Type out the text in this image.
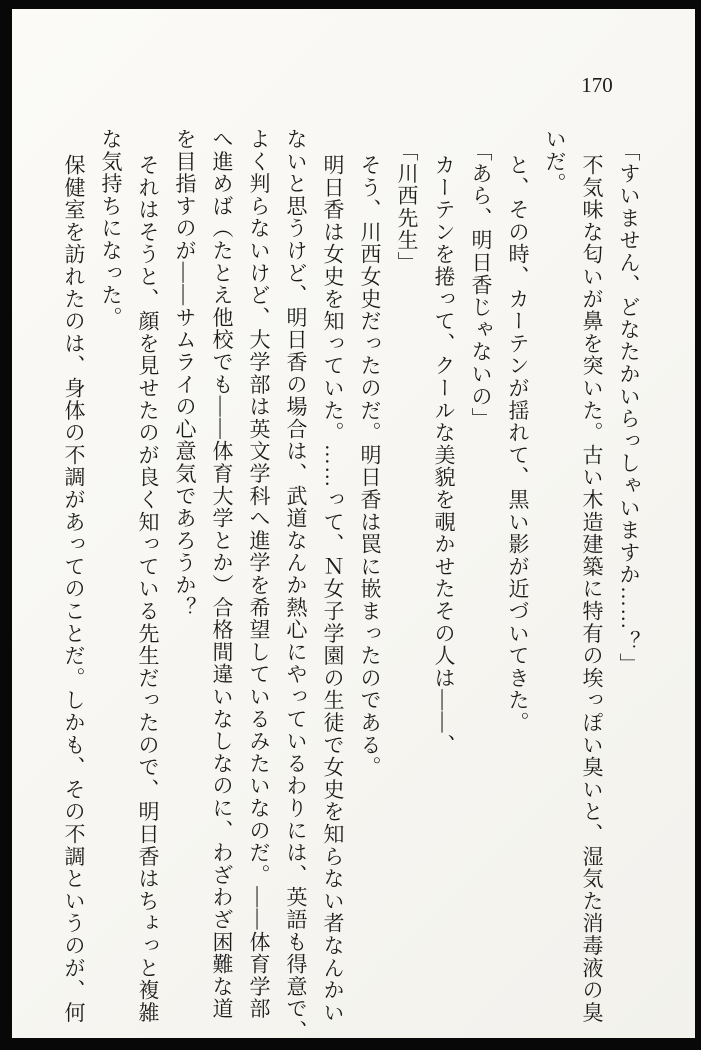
170
「すいません、どなたかいらっしゃいますか……？」
不気味な匂いが鼻を突いた。古い木造建築に特有の埃っぽい臭いと、湿気た消毒液の臭
いだ。
と、その時、カーテンが揺れて、黒い影が近づいてきた。
「あら、明日香じゃないの」
カーテンを捲って、クールな美貌を覗かせたその人は――、
「川西先生」
そう、川西女史だったのだ。明日香は罠に嵌まったのである。
明日香は女史を知っていた。……って、Ｎ女子学園の生徒で女史を知らない者なんかい
ないと思うけど、明日香の場合は、武道なんか熱心にやっているわりには、英語も得意で、
よく判らないけど、大学部は英文学科へ進学を希望しているみたいなのだ。――体育学部
へ進めば（たとえ他校でも――体育大学とか）合格間違いなしなのに、わざわざ困難な道
を目指すのが――サムライの心意気であろうか？
それはそうと、顔を見せたのが良く知っている先生だったので、明日香はちょっと複雑
な気持ちになった。
保健室を訪れたのは、身体の不調があってのことだ。しかも、その不調というのが、何
